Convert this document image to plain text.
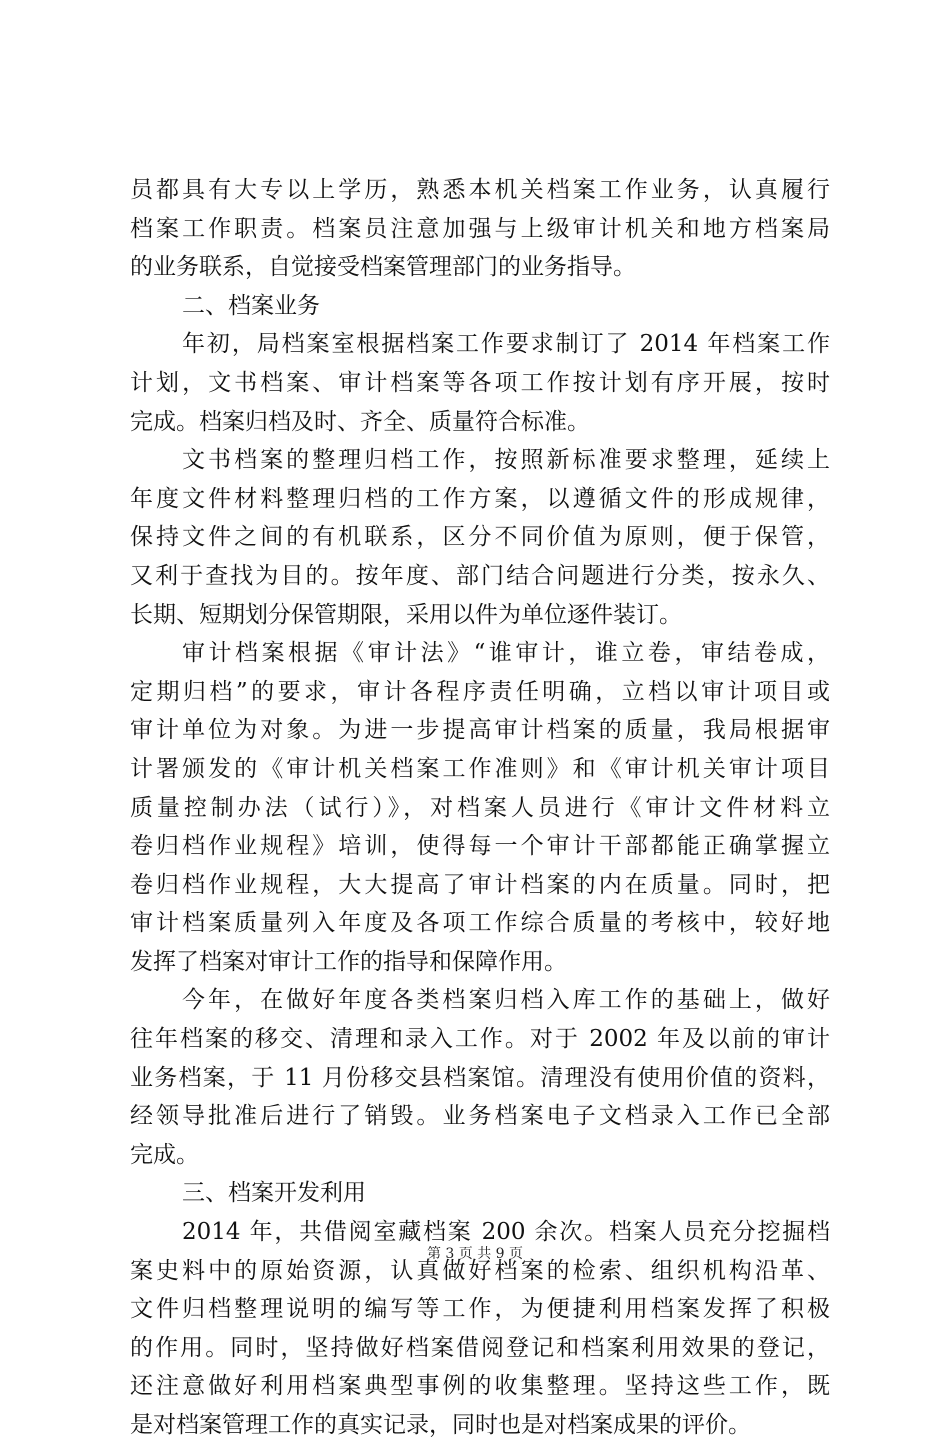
员都具有大专以上学历，熟悉本机关档案工作业务，认真履行
档案工作职责。档案员注意加强与上级审计机关和地方档案局
的业务联系，自觉接受档案管理部门的业务指导。
二、档案业务
年初，局档案室根据档案工作要求制订了 2014 年档案工作
计划，文书档案、审计档案等各项工作按计划有序开展，按时
完成。档案归档及时、齐全、质量符合标准。
文书档案的整理归档工作，按照新标准要求整理，延续上
年度文件材料整理归档的工作方案，以遵循文件的形成规律，
保持文件之间的有机联系，区分不同价值为原则，便于保管，
又利于查找为目的。按年度、部门结合问题进行分类，按永久、
长期、短期划分保管期限，采用以件为单位逐件装订。
审计档案根据《审计法》“谁审计，谁立卷，审结卷成，
定期归档”的要求，审计各程序责任明确，立档以审计项目或
审计单位为对象。为进一步提高审计档案的质量，我局根据审
计署颁发的《审计机关档案工作准则》和《审计机关审计项目
质量控制办法（试行）》，对档案人员进行《审计文件材料立
卷归档作业规程》培训，使得每一个审计干部都能正确掌握立
卷归档作业规程，大大提高了审计档案的内在质量。同时，把
审计档案质量列入年度及各项工作综合质量的考核中，较好地
发挥了档案对审计工作的指导和保障作用。
今年，在做好年度各类档案归档入库工作的基础上，做好
往年档案的移交、清理和录入工作。对于 2002 年及以前的审计
业务档案，于 11 月份移交县档案馆。清理没有使用价值的资料，
经领导批准后进行了销毁。业务档案电子文档录入工作已全部
完成。
三、档案开发利用
2014 年，共借阅室藏档案 200 余次。档案人员充分挖掘档
案史料中的原始资源，认真做好档案的检索、组织机构沿革、
文件归档整理说明的编写等工作，为便捷利用档案发挥了积极
的作用。同时，坚持做好档案借阅登记和档案利用效果的登记，
还注意做好利用档案典型事例的收集整理。坚持这些工作，既
是对档案管理工作的真实记录，同时也是对档案成果的评价。
第 3 页 共 9 页
